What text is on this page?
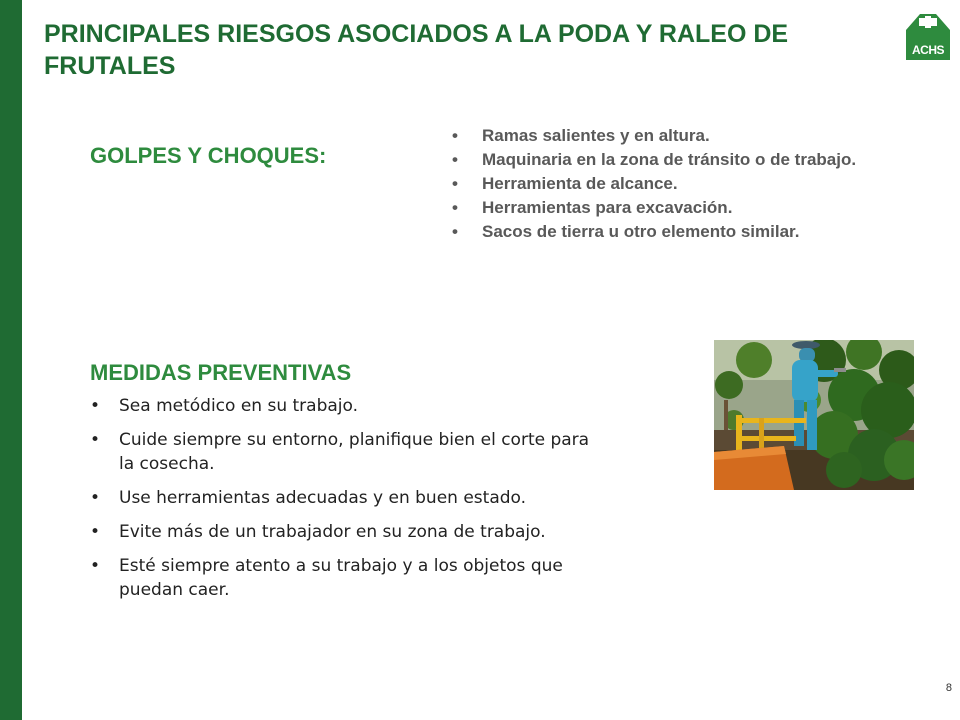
PRINCIPALES RIESGOS ASOCIADOS A LA PODA Y RALEO DE FRUTALES
ACHS
GOLPES Y CHOQUES:
• Ramas salientes y en altura.
• Maquinaria en la zona de tránsito o de trabajo.
• Herramienta de alcance.
• Herramientas para excavación.
• Sacos de tierra u otro elemento similar.
MEDIDAS PREVENTIVAS
• Sea metódico en su trabajo.
• Cuide siempre su entorno, planifique bien el corte para la cosecha.
• Use herramientas adecuadas y en buen estado.
• Evite más de un trabajador en su zona de trabajo.
• Esté siempre atento a su trabajo y a los objetos que puedan caer.
8
